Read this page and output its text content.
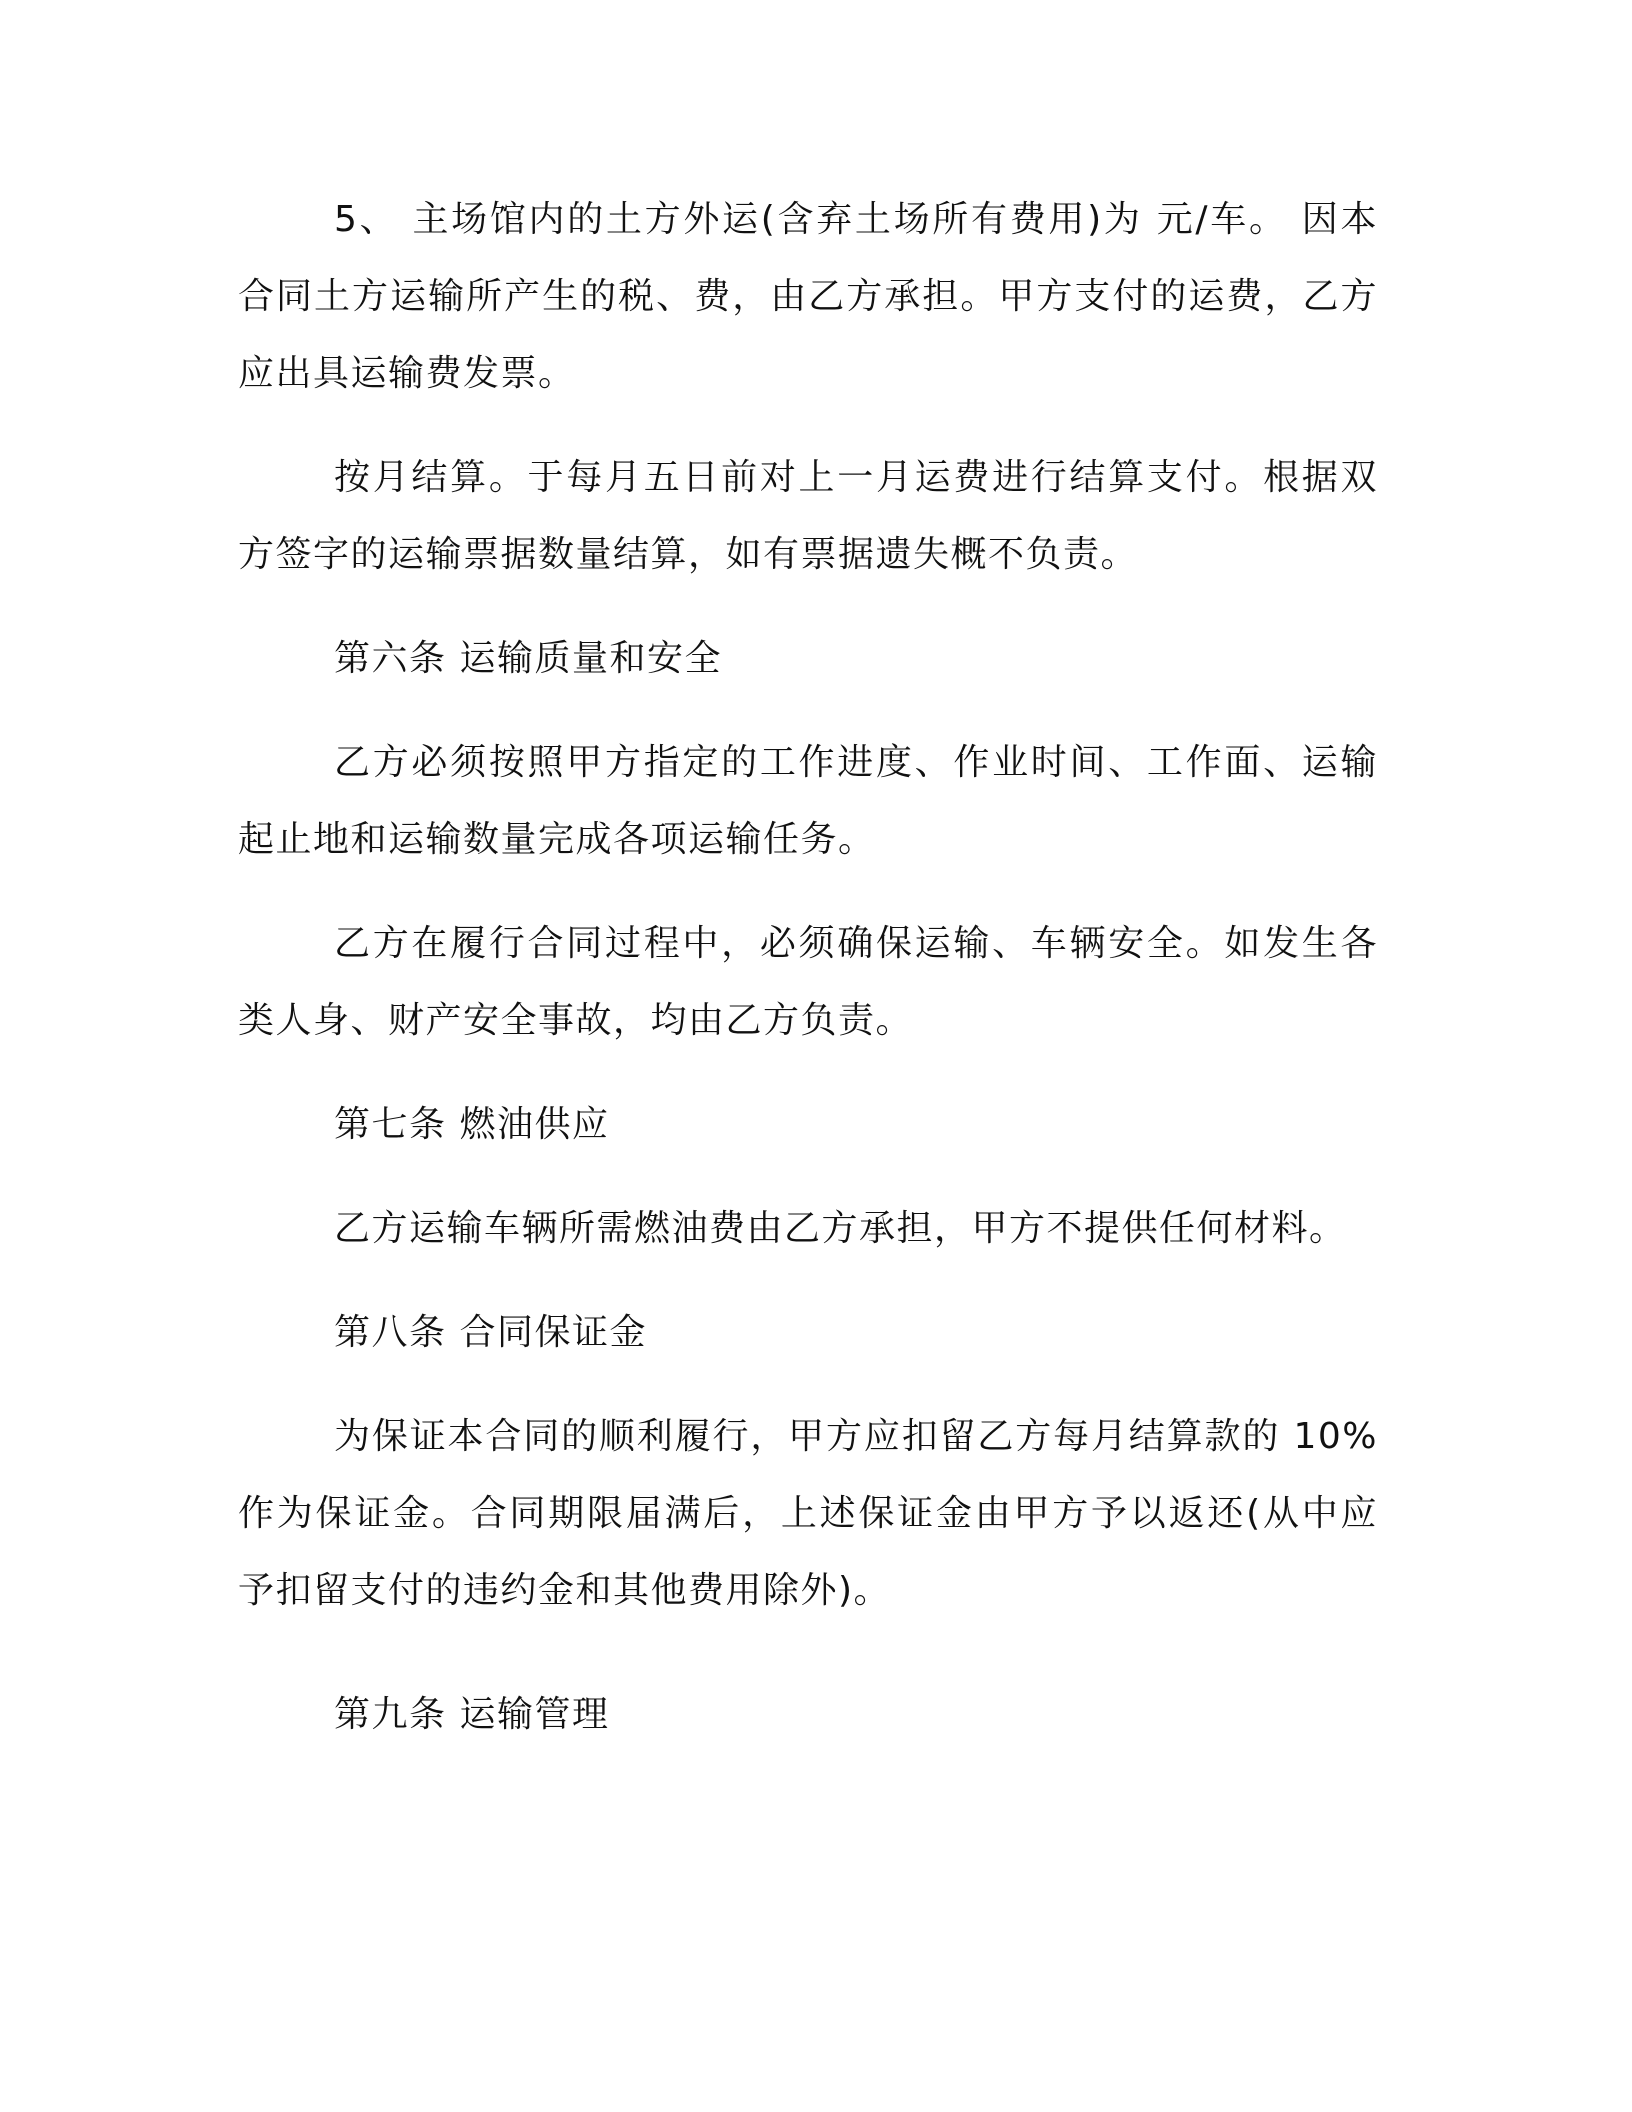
5、 主场馆内的土方外运(含弃土场所有费用)为 元/车。 因本合同土方运输所产生的税、费，由乙方承担。甲方支付的运费，乙方应出具运输费发票。

按月结算。于每月五日前对上一月运费进行结算支付。根据双方签字的运输票据数量结算，如有票据遗失概不负责。

第六条 运输质量和安全

乙方必须按照甲方指定的工作进度、作业时间、工作面、运输起止地和运输数量完成各项运输任务。

乙方在履行合同过程中，必须确保运输、车辆安全。如发生各类人身、财产安全事故，均由乙方负责。

第七条 燃油供应

乙方运输车辆所需燃油费由乙方承担，甲方不提供任何材料。

第八条 合同保证金

为保证本合同的顺利履行，甲方应扣留乙方每月结算款的 10%作为保证金。合同期限届满后，上述保证金由甲方予以返还(从中应予扣留支付的违约金和其他费用除外)。

第九条 运输管理
